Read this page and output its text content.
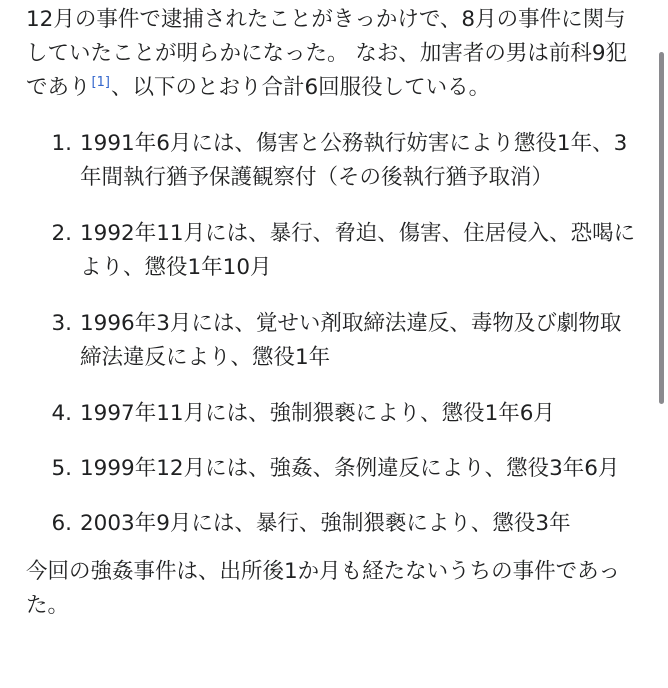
12月の事件で逮捕されたことがきっかけで、8月の事件に関与していたことが明らかになった。 なお、加害者の男は前科9犯であり[1]、以下のとおり合計6回服役している。

1. 1991年6月には、傷害と公務執行妨害により懲役1年、3年間執行猶予保護観察付（その後執行猶予取消）
2. 1992年11月には、暴行、脅迫、傷害、住居侵入、恐喝により、懲役1年10月
3. 1996年3月には、覚せい剤取締法違反、毒物及び劇物取締法違反により、懲役1年
4. 1997年11月には、強制猥褻により、懲役1年6月
5. 1999年12月には、強姦、条例違反により、懲役3年6月
6. 2003年9月には、暴行、強制猥褻により、懲役3年

今回の強姦事件は、出所後1か月も経たないうちの事件であった。
